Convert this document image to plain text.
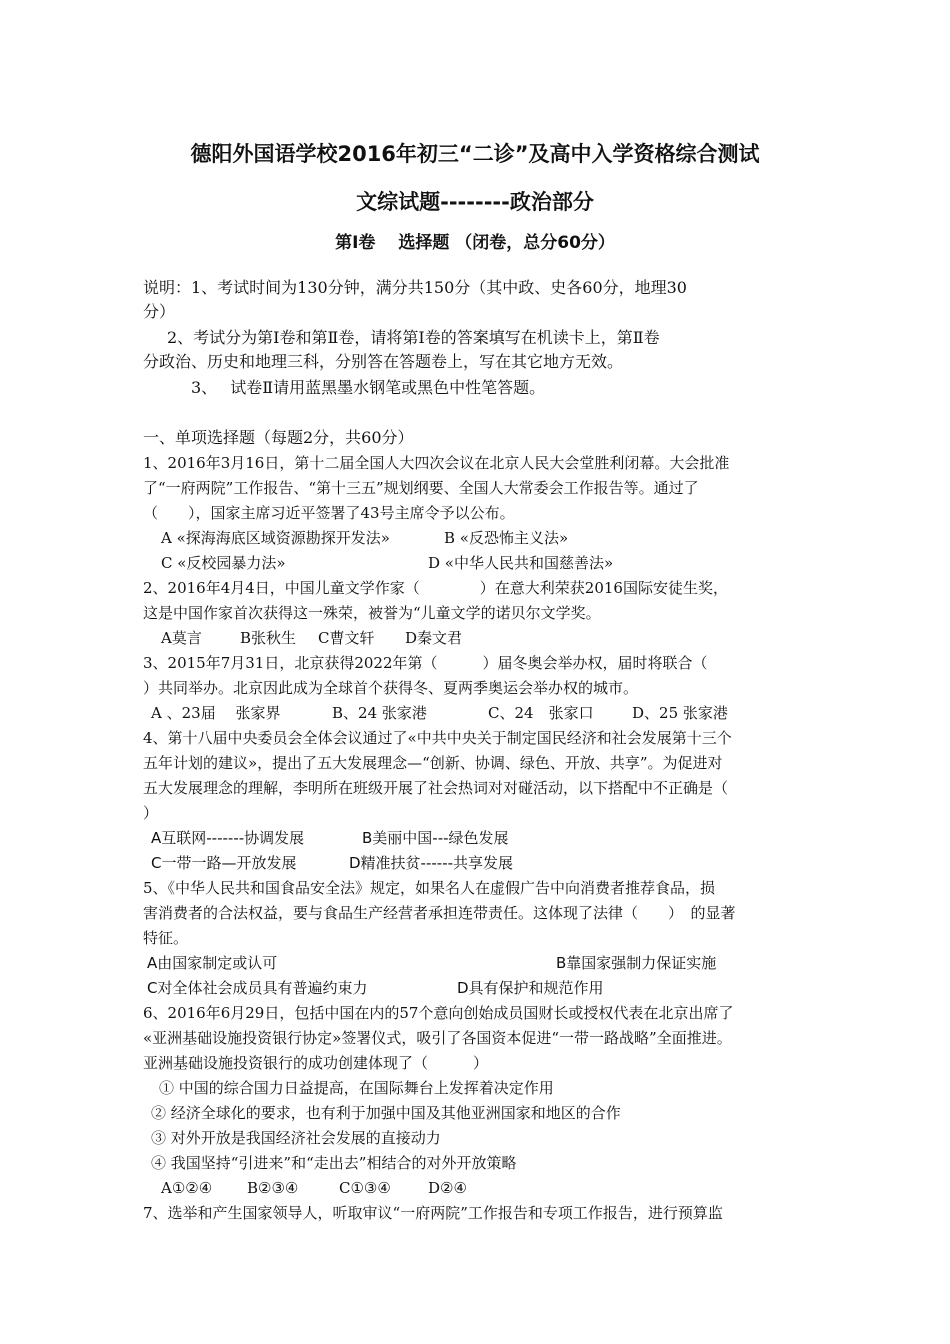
德阳外国语学校2016年初三“二诊”及高中入学资格综合测试
文综试题--------政治部分
第Ⅰ卷 　选择题 （闭卷，总分60分）
说明：1、考试时间为130分钟，满分共150分（其中政、史各60分，地理30
分）
2、考试分为第Ⅰ卷和第Ⅱ卷，请将第Ⅰ卷的答案填写在机读卡上，第Ⅱ卷
分政治、历史和地理三科，分别答在答题卷上，写在其它地方无效。
3、　 试卷Ⅱ请用蓝黑墨水钢笔或黑色中性笔答题。
一、单项选择题（每题2分，共60分）
1、2016年3月16日，第十二届全国人大四次会议在北京人民大会堂胜利闭幕。大会批准
了“一府两院”工作报告、“第十三五”规划纲要、全国人大常委会工作报告等。通过了
（　　），国家主席习近平签署了43号主席令予以公布。
A «探海海底区域资源勘探开发法»	B «反恐怖主义法»
C «反校园暴力法»	D «中华人民共和国慈善法»
2、2016年4月4日，中国儿童文学作家（　　　　）在意大利荣获2016国际安徒生奖，
这是中国作家首次获得这一殊荣，被誉为“儿童文学的诺贝尔文学奖。
A莫言	B张秋生 C曹文轩 D秦文君
3、2015年7月31日，北京获得2022年第（　　　）届冬奥会举办权，届时将联合（
）共同举办。北京因此成为全球首个获得冬、夏两季奥运会举办权的城市。
A 、23届　 张家界	B、24 张家港	C、24　张家口	D、25 张家港
4、第十八届中央委员会全体会议通过了«中共中央关于制定国民经济和社会发展第十三个
五年计划的建议»，提出了五大发展理念—“创新、协调、绿色、开放、共享”。为促进对
五大发展理念的理解，李明所在班级开展了社会热词对对碰活动，以下搭配中不正确是（
）
A互联网-------协调发展	B美丽中国---绿色发展
C一带一路—开放发展	D精准扶贫------共享发展
5、《中华人民共和国食品安全法》规定，如果名人在虚假广告中向消费者推荐食品，损
害消费者的合法权益，要与食品生产经营者承担连带责任。这体现了法律（　　）　的显著
特征。
A由国家制定或认可	B靠国家强制力保证实施
C对全体社会成员具有普遍约束力	D具有保护和规范作用
6、2016年6月29日，包括中国在内的57个意向创始成员国财长或授权代表在北京出席了
«亚洲基础设施投资银行协定»签署仪式，吸引了各国资本促进“一带一路战略”全面推进。
亚洲基础设施投资银行的成功创建体现了（　　　）
① 中国的综合国力日益提高，在国际舞台上发挥着决定作用
② 经济全球化的要求，也有利于加强中国及其他亚洲国家和地区的合作
③ 对外开放是我国经济社会发展的直接动力
④ 我国坚持“引进来”和“走出去”相结合的对外开放策略
A①②④ B②③④	C①③④ D②④
7、选举和产生国家领导人，听取审议“一府两院”工作报告和专项工作报告，进行预算监
